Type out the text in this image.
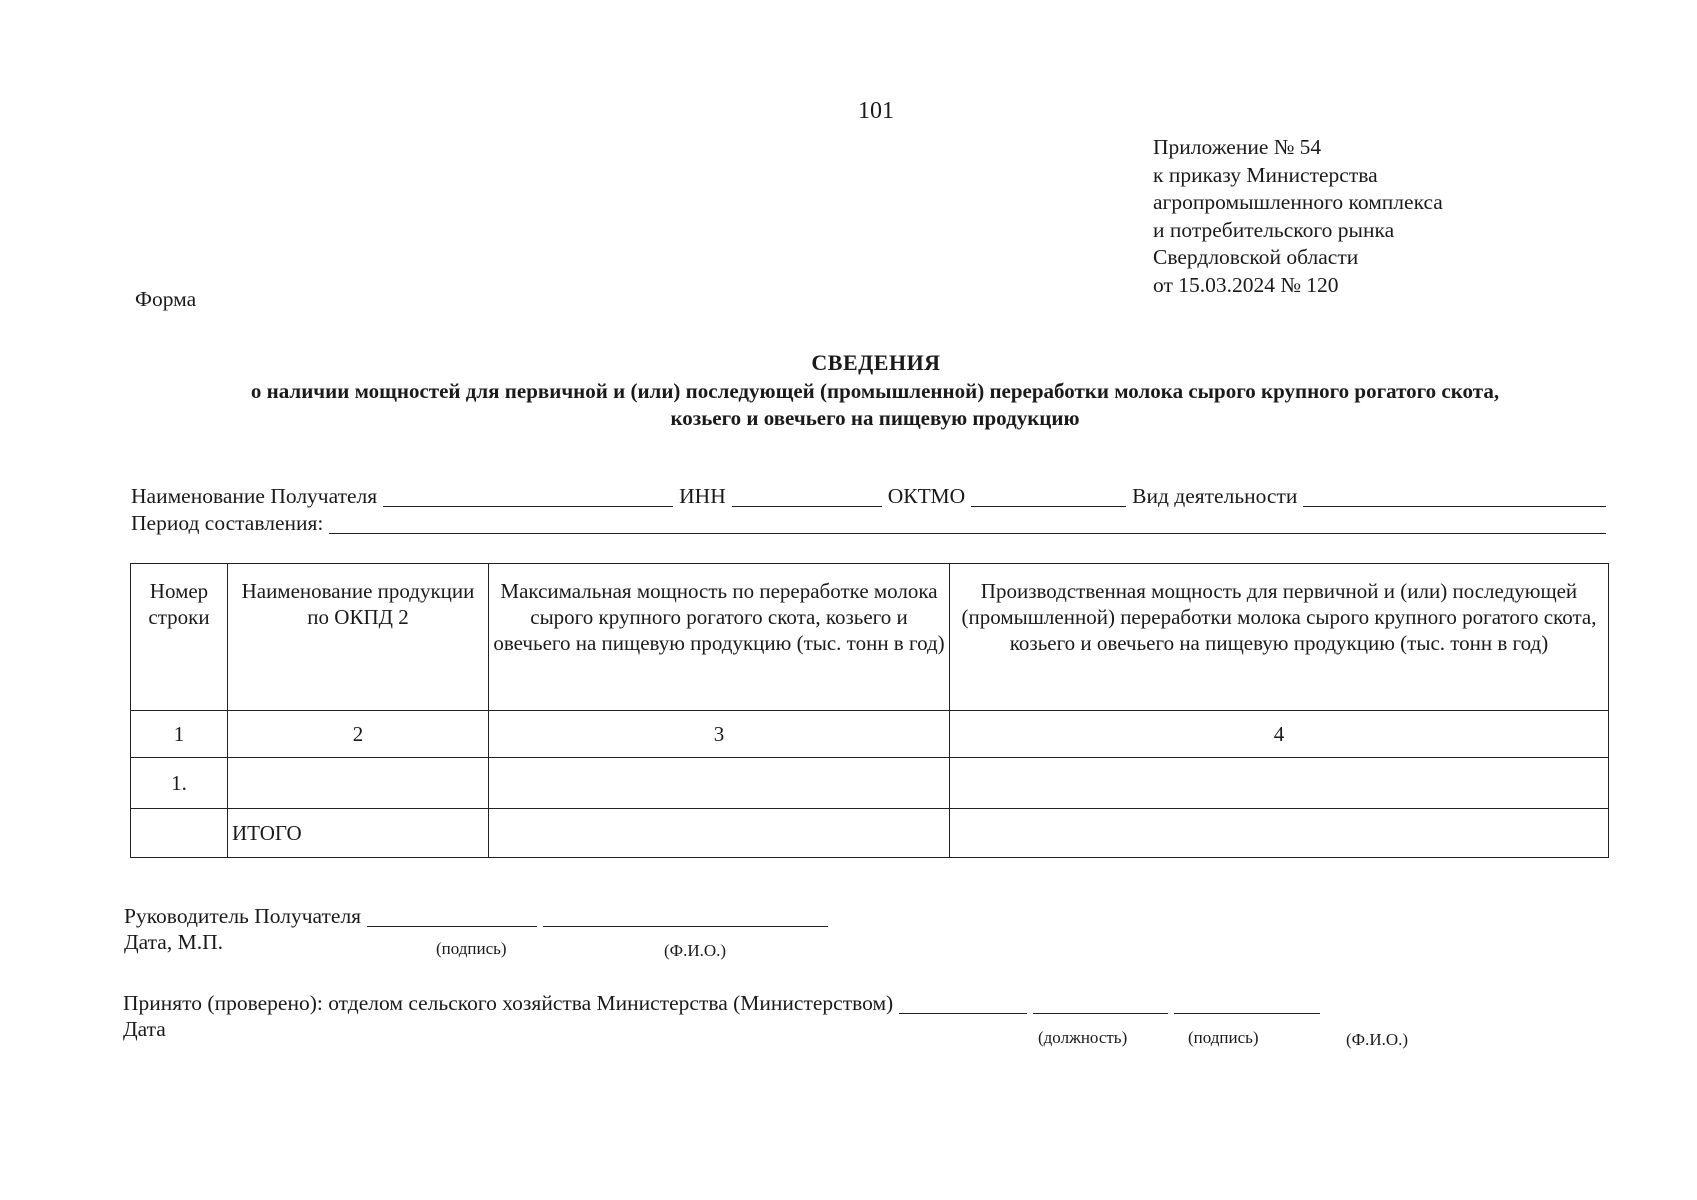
101
Приложение № 54
к приказу Министерства
агропромышленного комплекса
и потребительского рынка
Свердловской области
от 15.03.2024 № 120
Форма
СВЕДЕНИЯ
о наличии мощностей для первичной и (или) последующей (промышленной) переработки молока сырого крупного рогатого скота, козьего и овечьего на пищевую продукцию
Наименование Получателя	ИНН	ОКТМО	Вид деятельности
Период составления:
Номер строки	Наименование продукции по ОКПД 2	Максимальная мощность по переработке молока сырого крупного рогатого скота, козьего и овечьего на пищевую продукцию (тыс. тонн в год)	Производственная мощность для первичной и (или) последующей (промышленной) переработки молока сырого крупного рогатого скота, козьего и овечьего на пищевую продукцию (тыс. тонн в год)
1	2	3	4
1.			
	ИТОГО		
Руководитель Получателя
Дата, М.П.	(подпись)	(Ф.И.О.)
Принято (проверено): отделом сельского хозяйства Министерства (Министерством)
Дата	(должность)	(подпись)	(Ф.И.О.)
